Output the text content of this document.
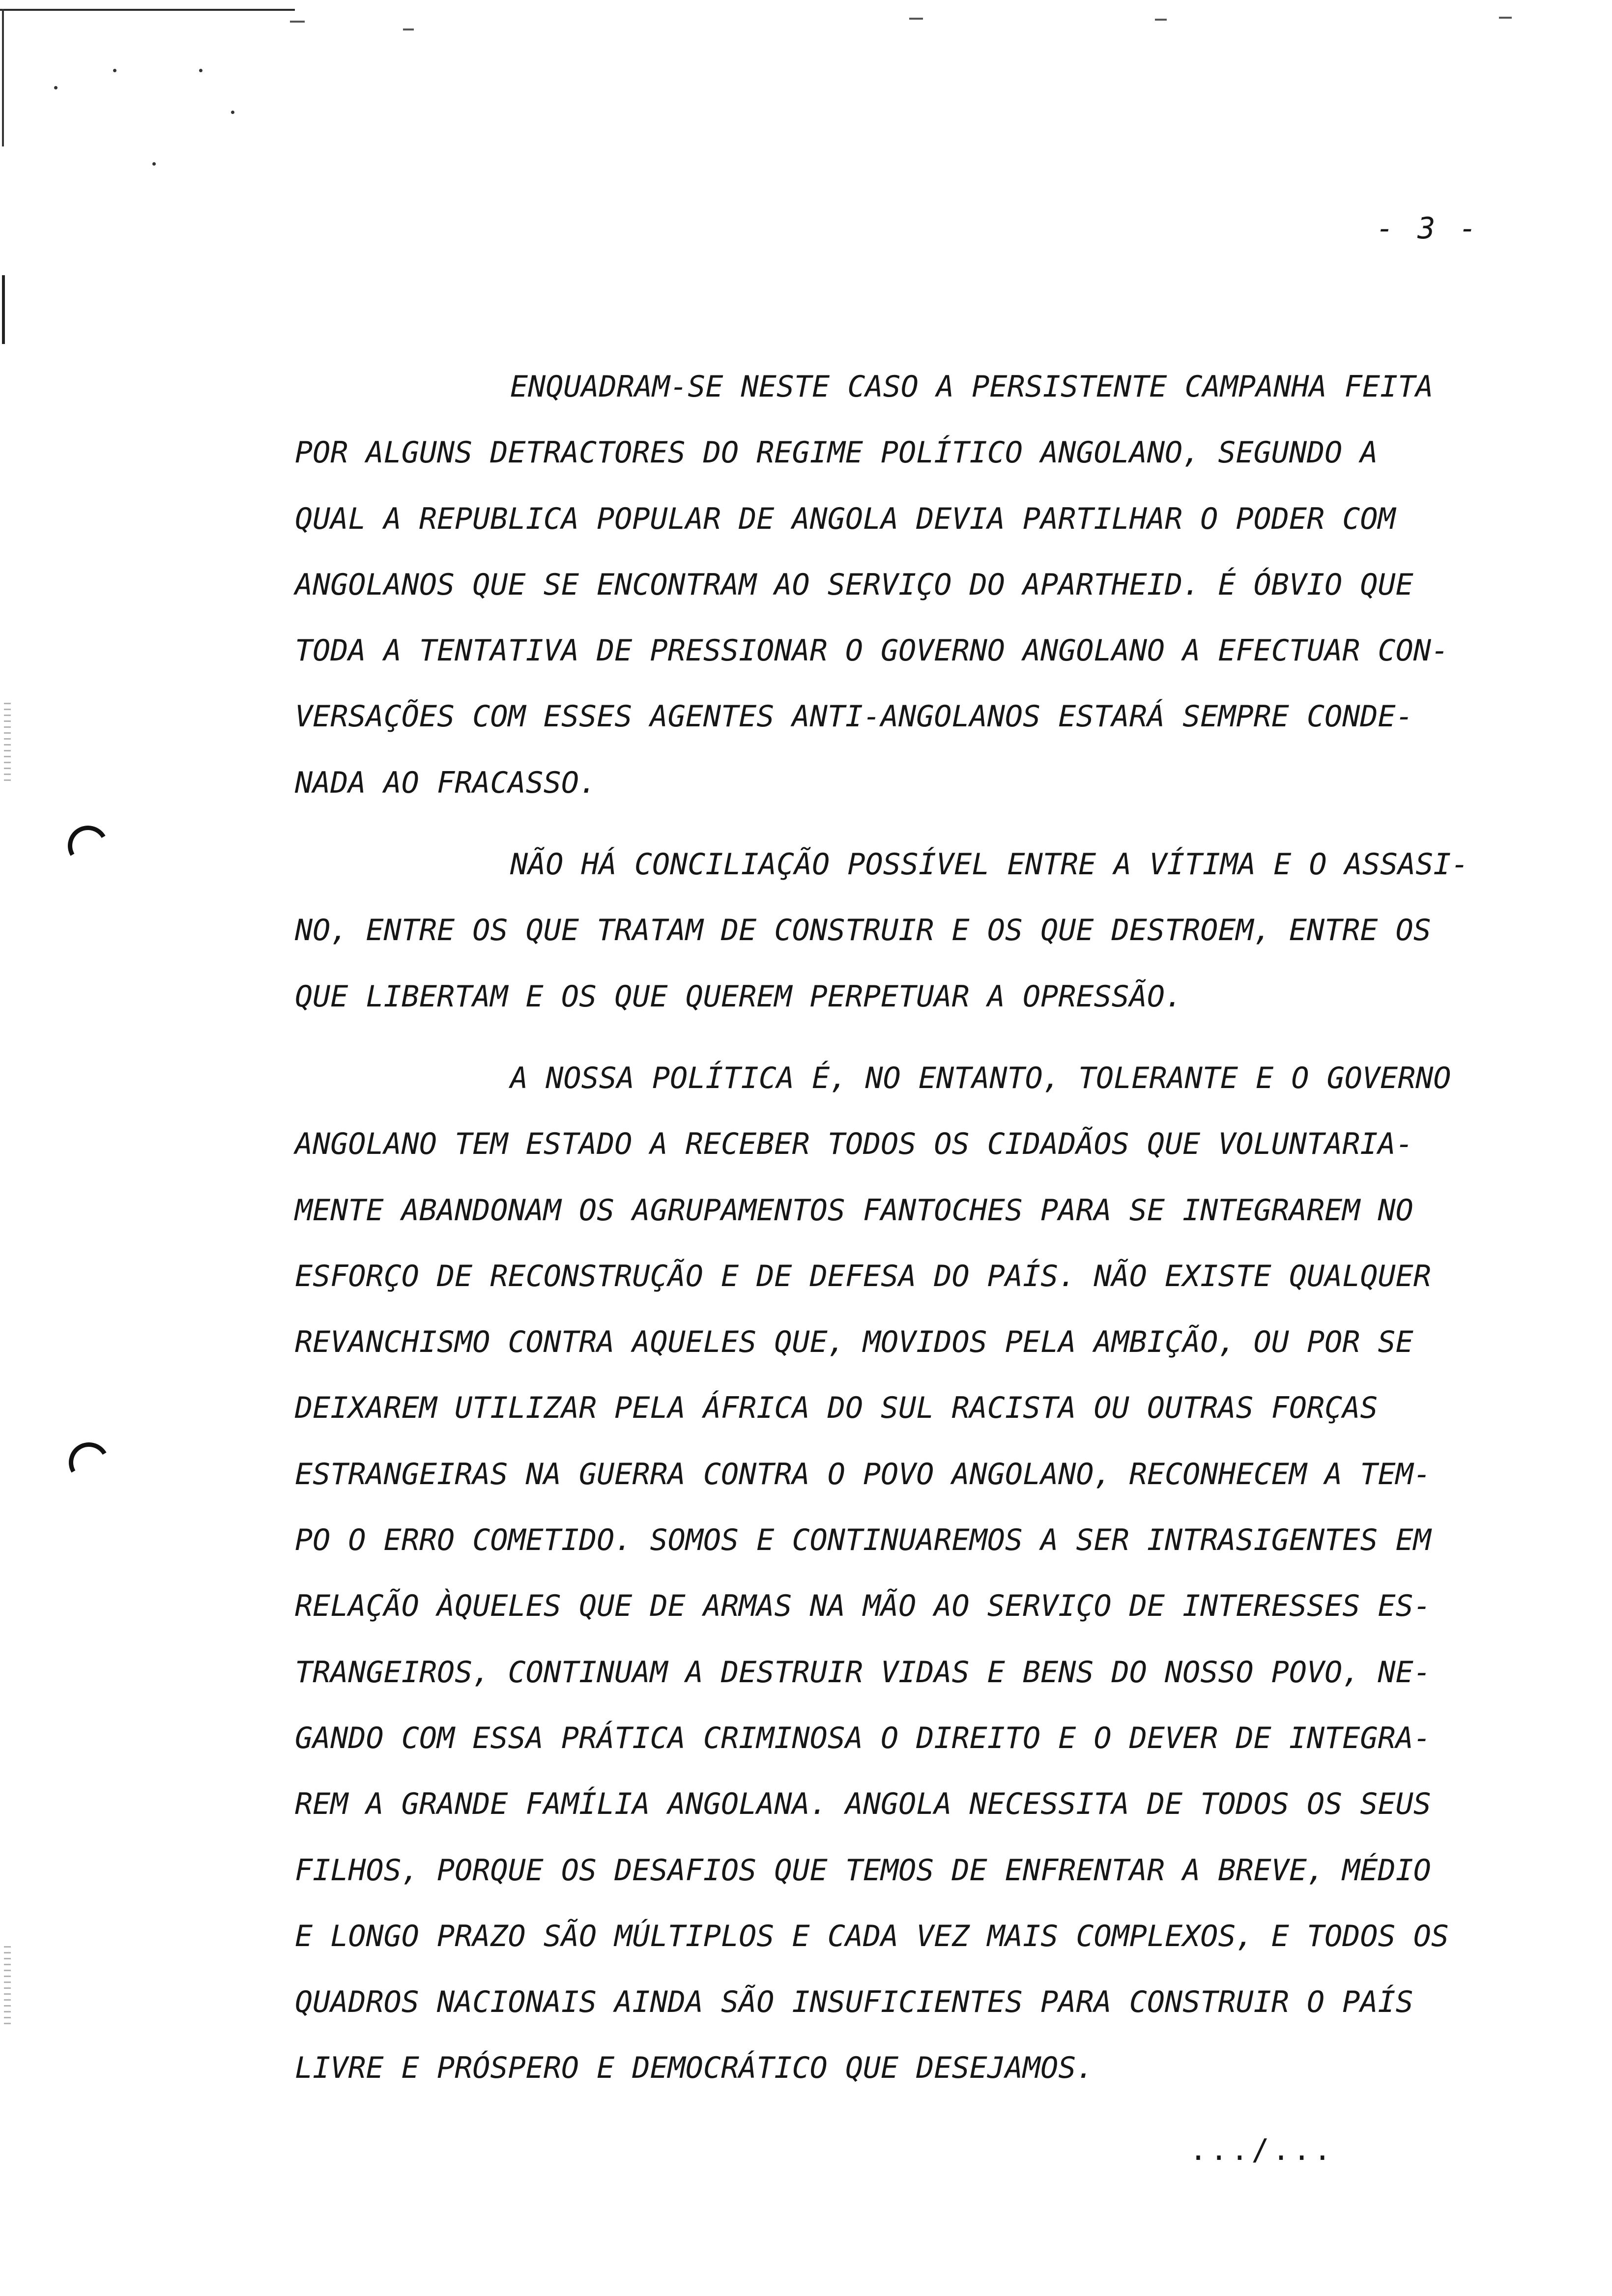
- 3 -

ENQUADRAM-SE NESTE CASO A PERSISTENTE CAMPANHA FEITA
POR ALGUNS DETRACTORES DO REGIME POLÍTICO ANGOLANO, SEGUNDO A
QUAL A REPUBLICA POPULAR DE ANGOLA DEVIA PARTILHAR O PODER COM
ANGOLANOS QUE SE ENCONTRAM AO SERVIÇO DO APARTHEID. É ÓBVIO QUE
TODA A TENTATIVA DE PRESSIONAR O GOVERNO ANGOLANO A EFECTUAR CON-
VERSAÇÕES COM ESSES AGENTES ANTI-ANGOLANOS ESTARÁ SEMPRE CONDE-
NADA AO FRACASSO.

NÃO HÁ CONCILIAÇÃO POSSÍVEL ENTRE A VÍTIMA E O ASSASI-
NO, ENTRE OS QUE TRATAM DE CONSTRUIR E OS QUE DESTROEM, ENTRE OS
QUE LIBERTAM E OS QUE QUEREM PERPETUAR A OPRESSÃO.

A NOSSA POLÍTICA É, NO ENTANTO, TOLERANTE E O GOVERNO
ANGOLANO TEM ESTADO A RECEBER TODOS OS CIDADÃOS QUE VOLUNTARIA-
MENTE ABANDONAM OS AGRUPAMENTOS FANTOCHES PARA SE INTEGRAREM NO
ESFORÇO DE RECONSTRUÇÃO E DE DEFESA DO PAÍS. NÃO EXISTE QUALQUER
REVANCHISMO CONTRA AQUELES QUE, MOVIDOS PELA AMBIÇÃO, OU POR SE
DEIXAREM UTILIZAR PELA ÁFRICA DO SUL RACISTA OU OUTRAS FORÇAS
ESTRANGEIRAS NA GUERRA CONTRA O POVO ANGOLANO, RECONHECEM A TEM-
PO O ERRO COMETIDO. SOMOS E CONTINUAREMOS A SER INTRASIGENTES EM
RELAÇÃO ÀQUELES QUE DE ARMAS NA MÃO AO SERVIÇO DE INTERESSES ES-
TRANGEIROS, CONTINUAM A DESTRUIR VIDAS E BENS DO NOSSO POVO, NE-
GANDO COM ESSA PRÁTICA CRIMINOSA O DIREITO E O DEVER DE INTEGRA-
REM A GRANDE FAMÍLIA ANGOLANA. ANGOLA NECESSITA DE TODOS OS SEUS
FILHOS, PORQUE OS DESAFIOS QUE TEMOS DE ENFRENTAR A BREVE, MÉDIO
E LONGO PRAZO SÃO MÚLTIPLOS E CADA VEZ MAIS COMPLEXOS, E TODOS OS
QUADROS NACIONAIS AINDA SÃO INSUFICIENTES PARA CONSTRUIR O PAÍS
LIVRE E PRÓSPERO E DEMOCRÁTICO QUE DESEJAMOS.

.../...
